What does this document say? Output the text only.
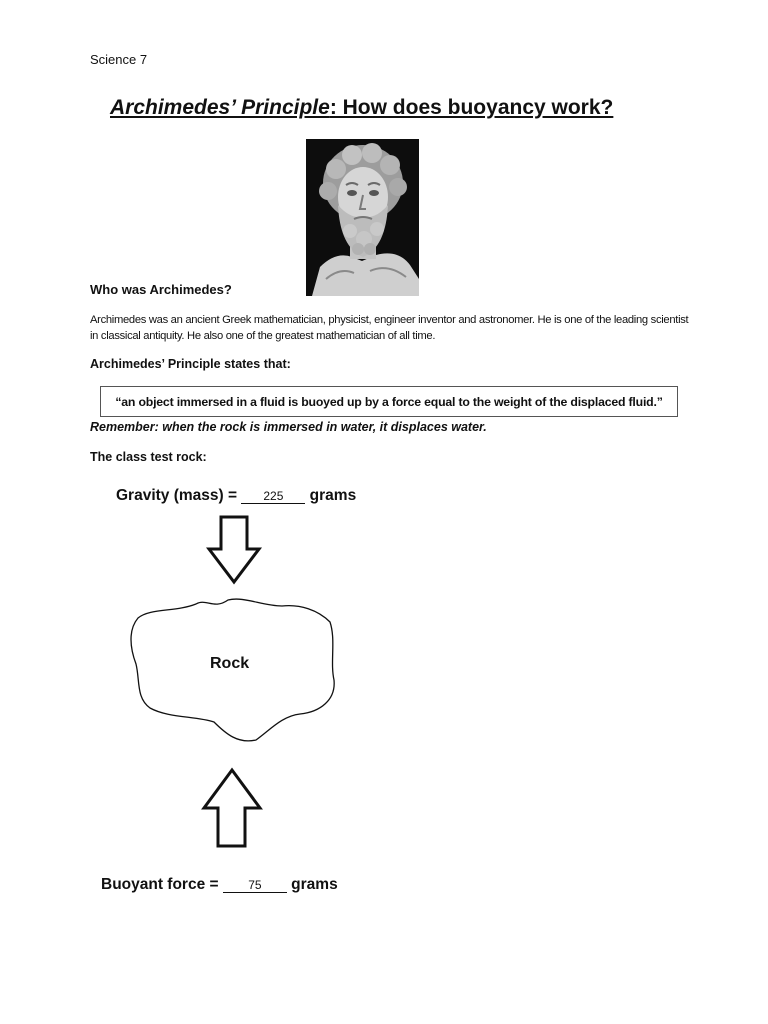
Science 7
Archimedes’ Principle: How does buoyancy work?
Who was Archimedes?
Archimedes was an ancient Greek mathematician, physicist, engineer inventor and astronomer. He is one of the leading scientist in classical antiquity. He also one of the greatest mathematician of all time.
Archimedes’ Principle states that:
“an object immersed in a fluid is buoyed up by a force equal to the weight of the displaced fluid.”
Remember: when the rock is immersed in water, it displaces water.
The class test rock:
Rock
Gravity (mass) = 225 grams
Buoyant force = 75 grams
